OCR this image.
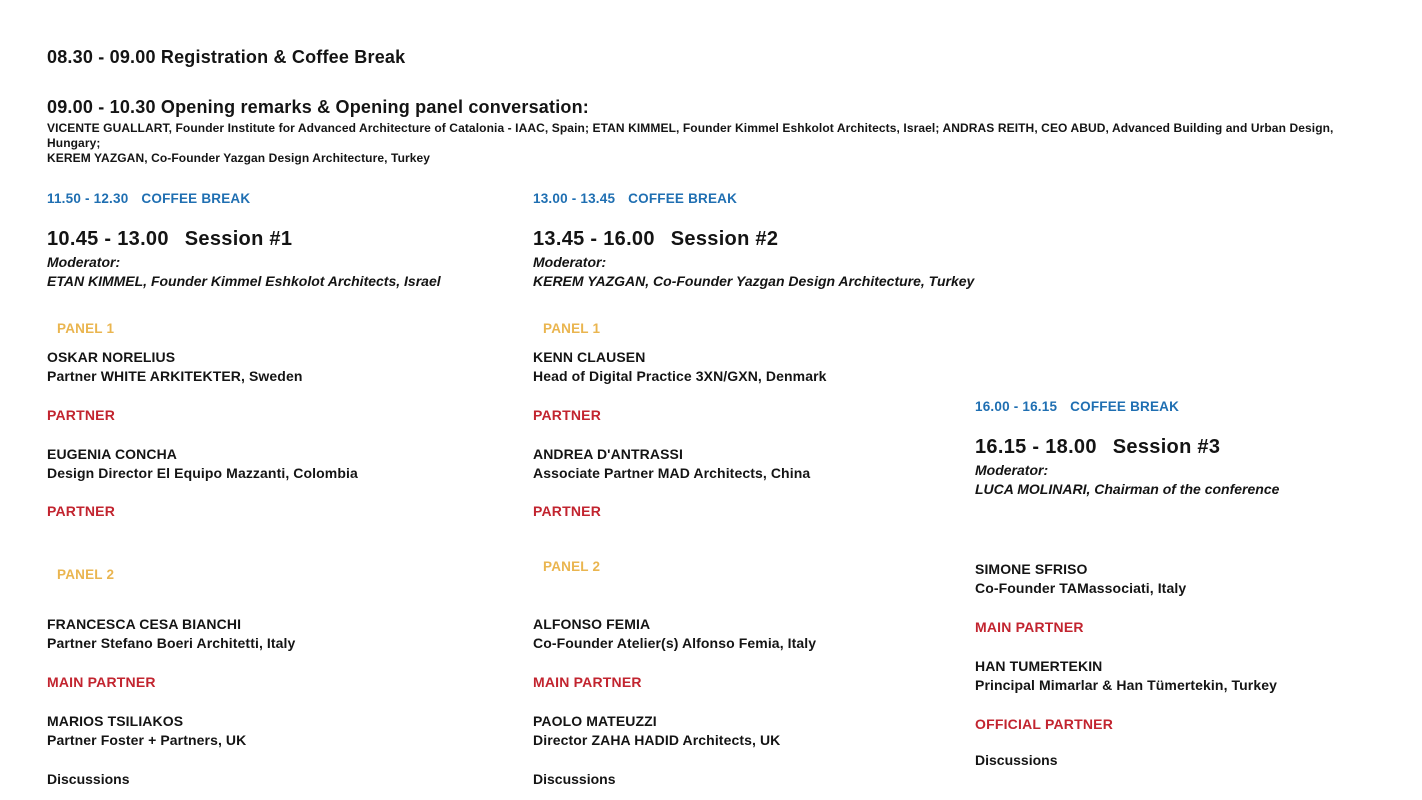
08.30 - 09.00 Registration & Coffee Break
09.00 - 10.30 Opening remarks & Opening panel conversation:
VICENTE GUALLART, Founder Institute for Advanced Architecture of Catalonia - IAAC, Spain; ETAN KIMMEL, Founder Kimmel Eshkolot Architects, Israel; ANDRAS REITH, CEO ABUD, Advanced Building and Urban Design, Hungary;
KEREM YAZGAN, Co-Founder Yazgan Design Architecture, Turkey
11.50 - 12.30 COFFEE BREAK
10.45 - 13.00 Session #1
Moderator:
ETAN KIMMEL, Founder Kimmel Eshkolot Architects, Israel
PANEL 1
OSKAR NORELIUS
Partner WHITE ARKITEKTER, Sweden
PARTNER
EUGENIA CONCHA
Design Director El Equipo Mazzanti, Colombia
PARTNER
PANEL 2
FRANCESCA CESA BIANCHI
Partner Stefano Boeri Architetti, Italy
MAIN PARTNER
MARIOS TSILIAKOS
Partner Foster + Partners, UK
Discussions
13.00 - 13.45 COFFEE BREAK
13.45 - 16.00 Session #2
Moderator:
KEREM YAZGAN, Co-Founder Yazgan Design Architecture, Turkey
PANEL 1
KENN CLAUSEN
Head of Digital Practice 3XN/GXN, Denmark
PARTNER
ANDREA D'ANTRASSI
Associate Partner MAD Architects, China
PARTNER
PANEL 2
ALFONSO FEMIA
Co-Founder Atelier(s) Alfonso Femia, Italy
MAIN PARTNER
PAOLO MATEUZZI
Director ZAHA HADID Architects, UK
Discussions
16.00 - 16.15 COFFEE BREAK
16.15 - 18.00 Session #3
Moderator:
LUCA MOLINARI, Chairman of the conference
SIMONE SFRISO
Co-Founder TAMassociati, Italy
MAIN PARTNER
HAN TUMERTEKIN
Principal Mimarlar & Han Tümertekin, Turkey
OFFICIAL PARTNER
Discussions
